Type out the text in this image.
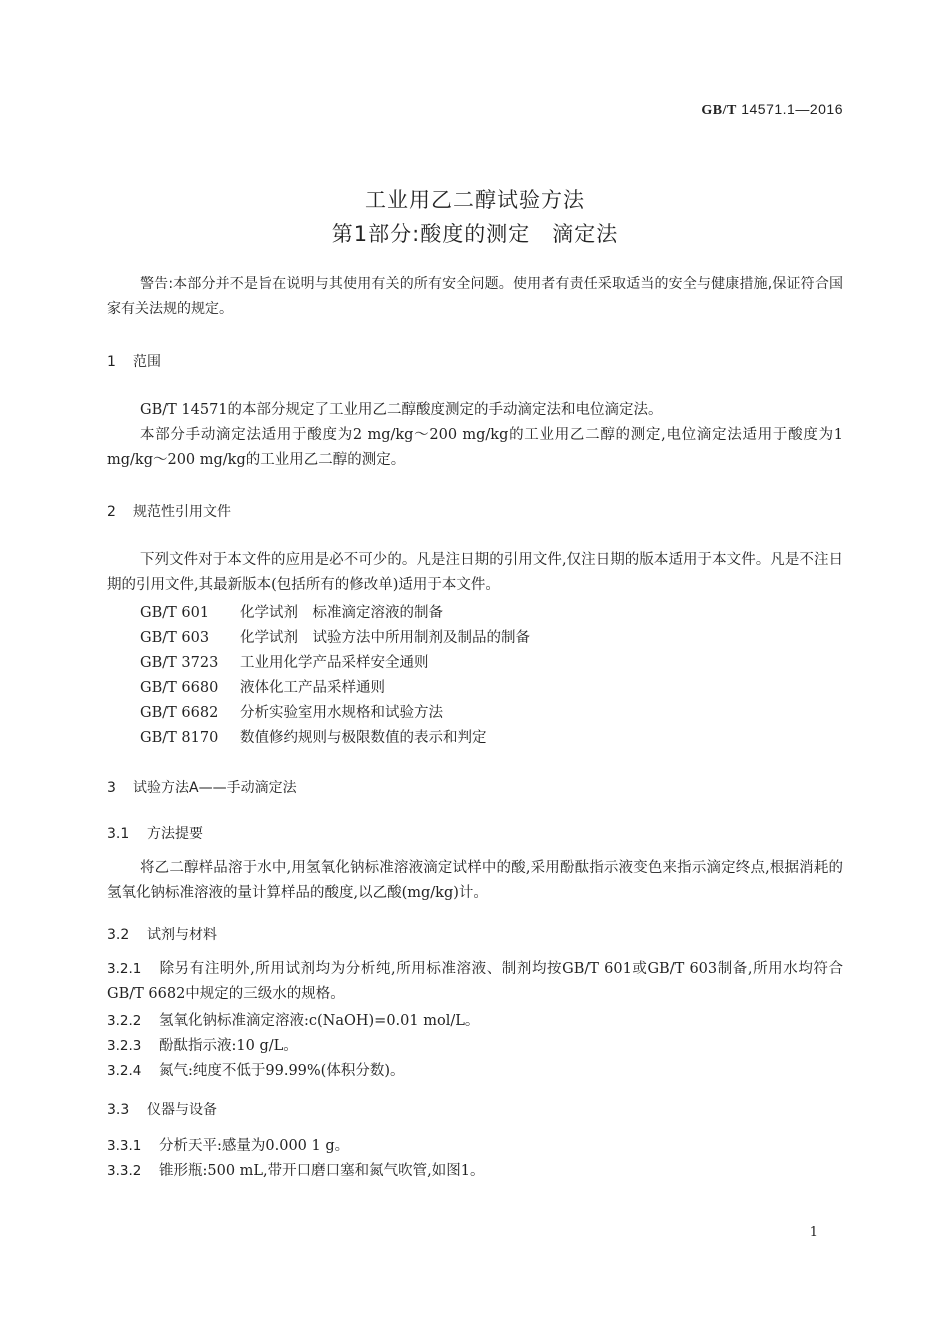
GB/T 14571.1—2016
工业用乙二醇试验方法
第1部分:酸度的测定　滴定法
警告:本部分并不是旨在说明与其使用有关的所有安全问题。使用者有责任采取适当的安全与健康措施,保证符合国家有关法规的规定。
1 范围
GB/T 14571的本部分规定了工业用乙二醇酸度测定的手动滴定法和电位滴定法。
本部分手动滴定法适用于酸度为2 mg/kg～200 mg/kg的工业用乙二醇的测定,电位滴定法适用于酸度为1 mg/kg～200 mg/kg的工业用乙二醇的测定。
2 规范性引用文件
下列文件对于本文件的应用是必不可少的。凡是注日期的引用文件,仅注日期的版本适用于本文件。凡是不注日期的引用文件,其最新版本(包括所有的修改单)适用于本文件。
GB/T 601 化学试剂　标准滴定溶液的制备
GB/T 603 化学试剂　试验方法中所用制剂及制品的制备
GB/T 3723 工业用化学产品采样安全通则
GB/T 6680 液体化工产品采样通则
GB/T 6682 分析实验室用水规格和试验方法
GB/T 8170 数值修约规则与极限数值的表示和判定
3 试验方法A——手动滴定法
3.1 方法提要
将乙二醇样品溶于水中,用氢氧化钠标准溶液滴定试样中的酸,采用酚酞指示液变色来指示滴定终点,根据消耗的氢氧化钠标准溶液的量计算样品的酸度,以乙酸(mg/kg)计。
3.2 试剂与材料
3.2.1 除另有注明外,所用试剂均为分析纯,所用标准溶液、制剂均按GB/T 601或GB/T 603制备,所用水均符合GB/T 6682中规定的三级水的规格。
3.2.2 氢氧化钠标准滴定溶液:c(NaOH)=0.01 mol/L。
3.2.3 酚酞指示液:10 g/L。
3.2.4 氮气:纯度不低于99.99%(体积分数)。
3.3 仪器与设备
3.3.1 分析天平:感量为0.000 1 g。
3.3.2 锥形瓶:500 mL,带开口磨口塞和氮气吹管,如图1。
1
